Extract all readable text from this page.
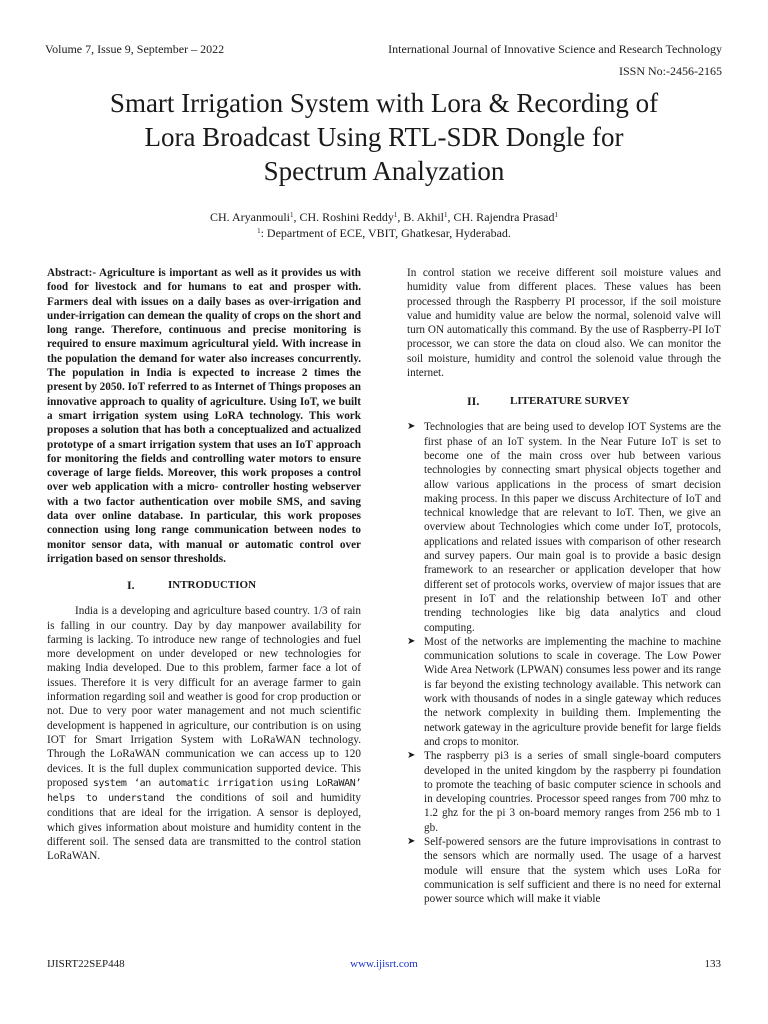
Volume 7, Issue 9, September – 2022	International Journal of Innovative Science and Research Technology
ISSN No:-2456-2165
Smart Irrigation System with Lora & Recording of
Lora Broadcast Using RTL-SDR Dongle for
Spectrum Analyzation
CH. Aryanmouli$^1$, CH. Roshini Reddy$^1$, B. Akhil$^1$, CH. Rajendra Prasad$^1$
$^1$: Department of ECE, VBIT, Ghatkesar, Hyderabad.

Abstract:- Agriculture is important as well as it provides us with food for livestock and for humans to eat and prosper with. Farmers deal with issues on a daily bases as over-irrigation and under-irrigation can demean the quality of crops on the short and long range. Therefore, continuous and precise monitoring is required to ensure maximum agricultural yield. With increase in the population the demand for water also increases concurrently. The population in India is expected to increase 2 times the present by 2050. IoT referred to as Internet of Things proposes an innovative approach to quality of agriculture. Using IoT, we built a smart irrigation system using LoRA technology. This work proposes a solution that has both a conceptualized and actualized prototype of a smart irrigation system that uses an IoT approach for monitoring the fields and controlling water motors to ensure coverage of large fields. Moreover, this work proposes a control over web application with a micro- controller hosting webserver with a two factor authentication over mobile SMS, and saving data over online database. In particular, this work proposes connection using long range communication between nodes to monitor sensor data, with manual or automatic control over irrigation based on sensor thresholds.

I.	INTRODUCTION

India is a developing and agriculture based country. 1/3 of rain is falling in our country. Day by day manpower availability for farming is lacking. To introduce new range of technologies and fuel more development on under developed or new technologies for making India developed. Due to this problem, farmer face a lot of issues. Therefore it is very difficult for an average farmer to gain information regarding soil and weather is good for crop production or not. Due to very poor water management and not much scientific development is happened in agriculture, our contribution is on using IOT for Smart Irrigation System with LoRaWAN technology. Through the LoRaWAN communication we can access up to 120 devices. It is the full duplex communication supported device. This proposed system ‘an automatic irrigation using LoRaWAN’ helps to understand the conditions of soil and humidity conditions that are ideal for the irrigation. A sensor is deployed, which gives information about moisture and humidity content in the different soil. The sensed data are transmitted to the control station LoRaWAN.

In control station we receive different soil moisture values and humidity value from different places. These values has been processed through the Raspberry PI processor, if the soil moisture value and humidity value are below the normal, solenoid valve will turn ON automatically this command. By the use of Raspberry-PI IoT processor, we can store the data on cloud also. We can monitor the soil moisture, humidity and control the solenoid value through the internet.

II.	LITERATURE SURVEY
➤ Technologies that are being used to develop IOT Systems are the first phase of an IoT system. In the Near Future IoT is set to become one of the main cross over hub between various technologies by connecting smart physical objects together and allow various applications in the process of smart decision making process. In this paper we discuss Architecture of IoT and technical knowledge that are relevant to IoT. Then, we give an overview about Technologies which come under IoT, protocols, applications and related issues with comparison of other research and survey papers. Our main goal is to provide a basic design framework to an researcher or application developer that how different set of protocols works, overview of major issues that are present in IoT and the relationship between IoT and other trending technologies like big data analytics and cloud computing.
➤ Most of the networks are implementing the machine to machine communication solutions to scale in coverage. The Low Power Wide Area Network (LPWAN) consumes less power and its range is far beyond the existing technology available. This network can work with thousands of nodes in a single gateway which reduces the network complexity in building them. Implementing the network gateway in the agriculture provide benefit for large fields and crops to monitor.
➤ The raspberry pi3 is a series of small single-board computers developed in the united kingdom by the raspberry pi foundation to promote the teaching of basic computer science in schools and in developing countries. Processor speed ranges from 700 mhz to 1.2 ghz for the pi 3 on-board memory ranges from 256 mb to 1 gb.
➤ Self-powered sensors are the future improvisations in contrast to the sensors which are normally used. The usage of a harvest module will ensure that the system which uses LoRa for communication is self sufficient and there is no need for external power source which will make it viable
IJISRT22SEP448	www.ijisrt.com	133
